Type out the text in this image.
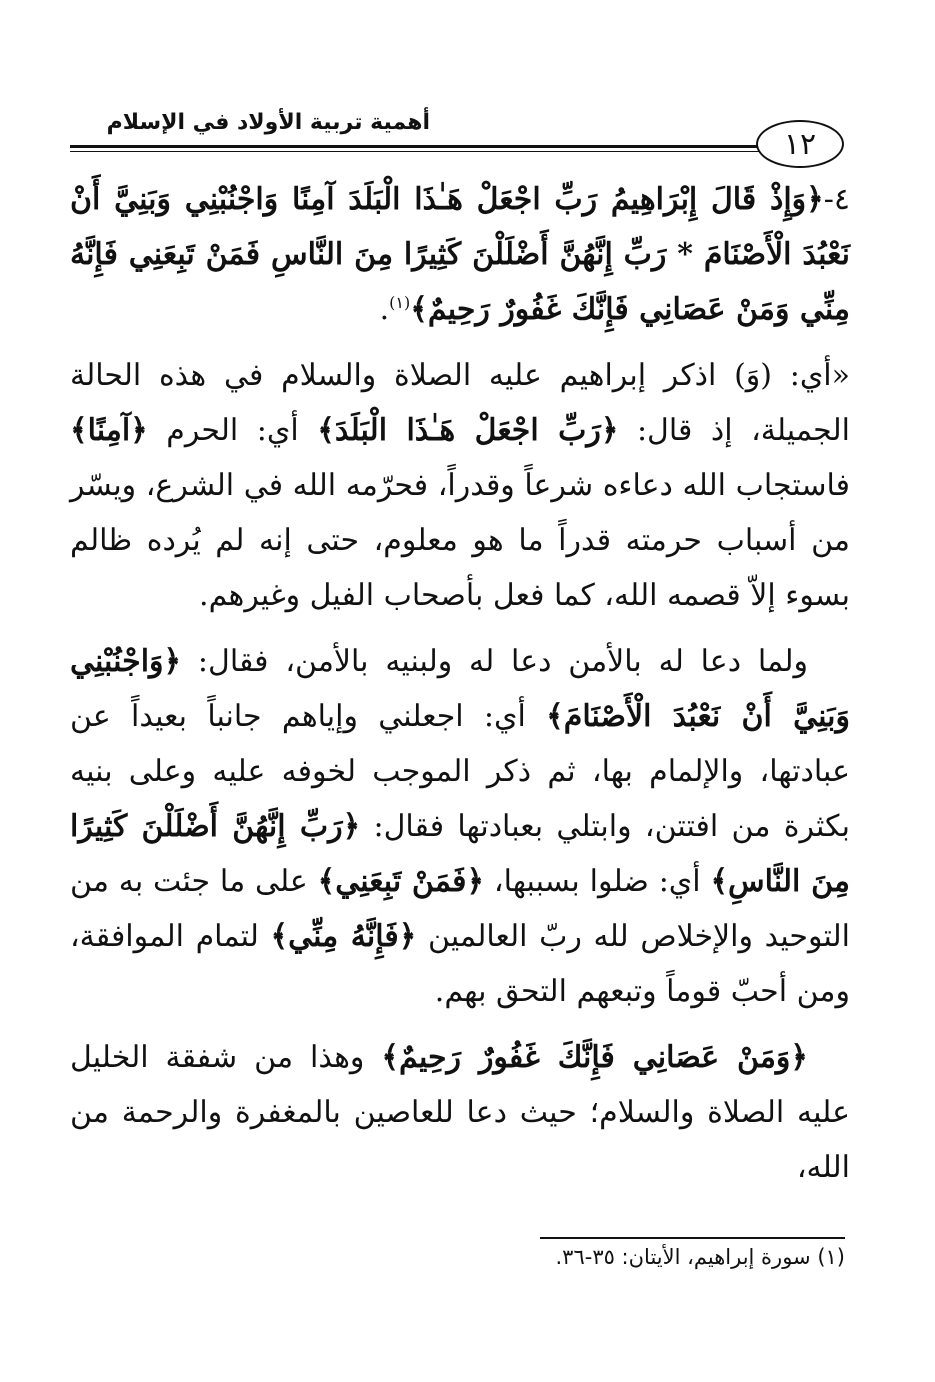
أهمية تربية الأولاد في الإسلام
١٢

٤-﴿وَإِذْ قَالَ إِبْرَاهِيمُ رَبِّ اجْعَلْ هَـٰذَا الْبَلَدَ آمِنًا وَاجْنُبْنِي وَبَنِيَّ أَنْ نَعْبُدَ الْأَصْنَامَ * رَبِّ إِنَّهُنَّ أَضْلَلْنَ كَثِيرًا مِنَ النَّاسِ فَمَنْ تَبِعَنِي فَإِنَّهُ مِنِّي وَمَنْ عَصَانِي فَإِنَّكَ غَفُورٌ رَحِيمٌ﴾$^{(١)}$.

«أي: (وَ) اذكر إبراهيم عليه الصلاة والسلام في هذه الحالة الجميلة، إذ قال: ﴿رَبِّ اجْعَلْ هَـٰذَا الْبَلَدَ﴾ أي: الحرم ﴿آمِنًا﴾ فاستجاب الله دعاءه شرعاً وقدراً، فحرّمه الله في الشرع، ويسّر من أسباب حرمته قدراً ما هو معلوم، حتى إنه لم يُرده ظالم بسوء إلاّ قصمه الله، كما فعل بأصحاب الفيل وغيرهم.

ولما دعا له بالأمن دعا له ولبنيه بالأمن، فقال: ﴿وَاجْنُبْنِي وَبَنِيَّ أَنْ نَعْبُدَ الْأَصْنَامَ﴾ أي: اجعلني وإياهم جانباً بعيداً عن عبادتها، والإلمام بها، ثم ذكر الموجب لخوفه عليه وعلى بنيه بكثرة من افتتن، وابتلي بعبادتها فقال: ﴿رَبِّ إِنَّهُنَّ أَضْلَلْنَ كَثِيرًا مِنَ النَّاسِ﴾ أي: ضلوا بسببها، ﴿فَمَنْ تَبِعَنِي﴾ على ما جئت به من التوحيد والإخلاص لله ربّ العالمين ﴿فَإِنَّهُ مِنِّي﴾ لتمام الموافقة، ومن أحبّ قوماً وتبعهم التحق بهم.

﴿وَمَنْ عَصَانِي فَإِنَّكَ غَفُورٌ رَحِيمٌ﴾ وهذا من شفقة الخليل عليه الصلاة والسلام؛ حيث دعا للعاصين بالمغفرة والرحمة من الله،

(١) سورة إبراهيم، الأيتان: ٣٥-٣٦.
